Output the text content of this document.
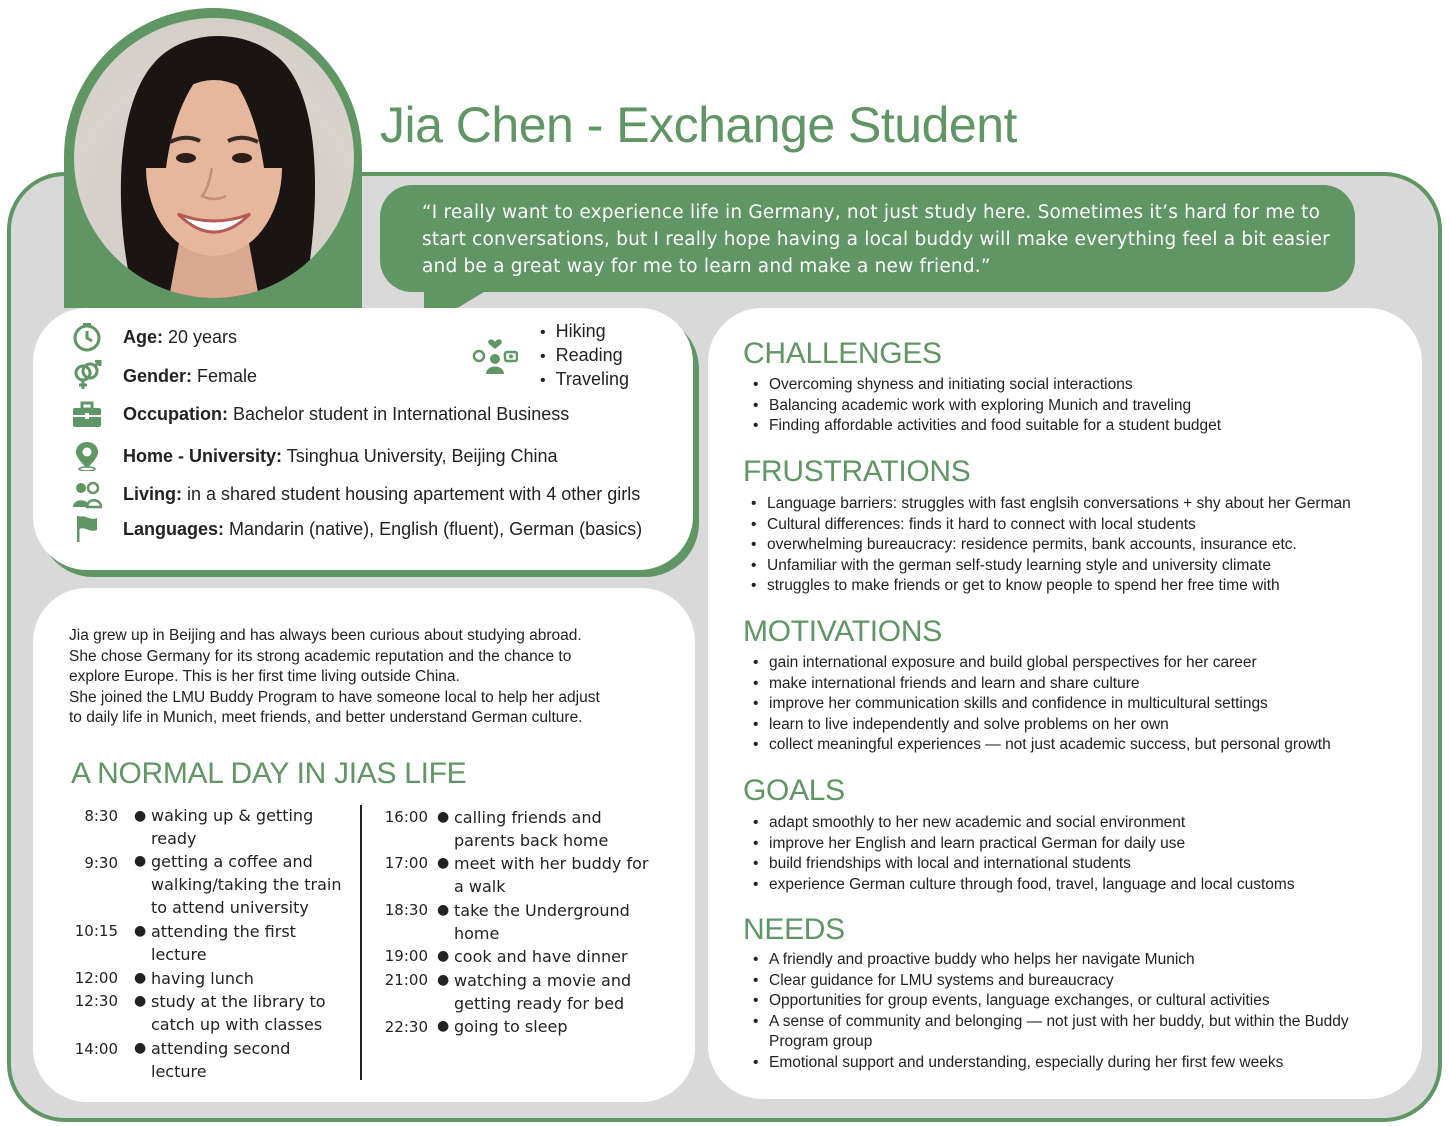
Jia Chen - Exchange Student
“I really want to experience life in Germany, not just study here. Sometimes it’s hard for me to start conversations, but I really hope having a local buddy will make everything feel a bit easier and be a great way for me to learn and make a new friend.”
Age: 20 years
Gender: Female
Occupation: Bachelor student in International Business
Home - University: Tsinghua University, Beijing China
Living: in a shared student housing apartement with 4 other girls
Languages: Mandarin (native), English (fluent), German (basics)
• Hiking
• Reading
• Traveling
Jia grew up in Beijing and has always been curious about studying abroad.
She chose Germany for its strong academic reputation and the chance to
explore Europe. This is her first time living outside China.
She joined the LMU Buddy Program to have someone local to help her adjust
to daily life in Munich, meet friends, and better understand German culture.
A NORMAL DAY IN JIAS LIFE
8:30 ● waking up & getting ready
9:30 ● getting a coffee and walking/taking the train to attend university
10:15 ● attending the first lecture
12:00 ● having lunch
12:30 ● study at the library to catch up with classes
14:00 ● attending second lecture
16:00 ● calling friends and parents back home
17:00 ● meet with her buddy for a walk
18:30 ● take the Underground home
19:00 ● cook and have dinner
21:00 ● watching a movie and getting ready for bed
22:30 ● going to sleep
CHALLENGES
• Overcoming shyness and initiating social interactions
• Balancing academic work with exploring Munich and traveling
• Finding affordable activities and food suitable for a student budget
FRUSTRATIONS
• Language barriers: struggles with fast englsih conversations + shy about her German
• Cultural differences: finds it hard to connect with local students
• overwhelming bureaucracy: residence permits, bank accounts, insurance etc.
• Unfamiliar with the german self-study learning style and university climate
• struggles to make friends or get to know people to spend her free time with
MOTIVATIONS
• gain international exposure and build global perspectives for her career
• make international friends and learn and share culture
• improve her communication skills and confidence in multicultural settings
• learn to live independently and solve problems on her own
• collect meaningful experiences — not just academic success, but personal growth
GOALS
• adapt smoothly to her new academic and social environment
• improve her English and learn practical German for daily use
• build friendships with local and international students
• experience German culture through food, travel, language and local customs
NEEDS
• A friendly and proactive buddy who helps her navigate Munich
• Clear guidance for LMU systems and bureaucracy
• Opportunities for group events, language exchanges, or cultural activities
• A sense of community and belonging — not just with her buddy, but within the Buddy Program group
• Emotional support and understanding, especially during her first few weeks
